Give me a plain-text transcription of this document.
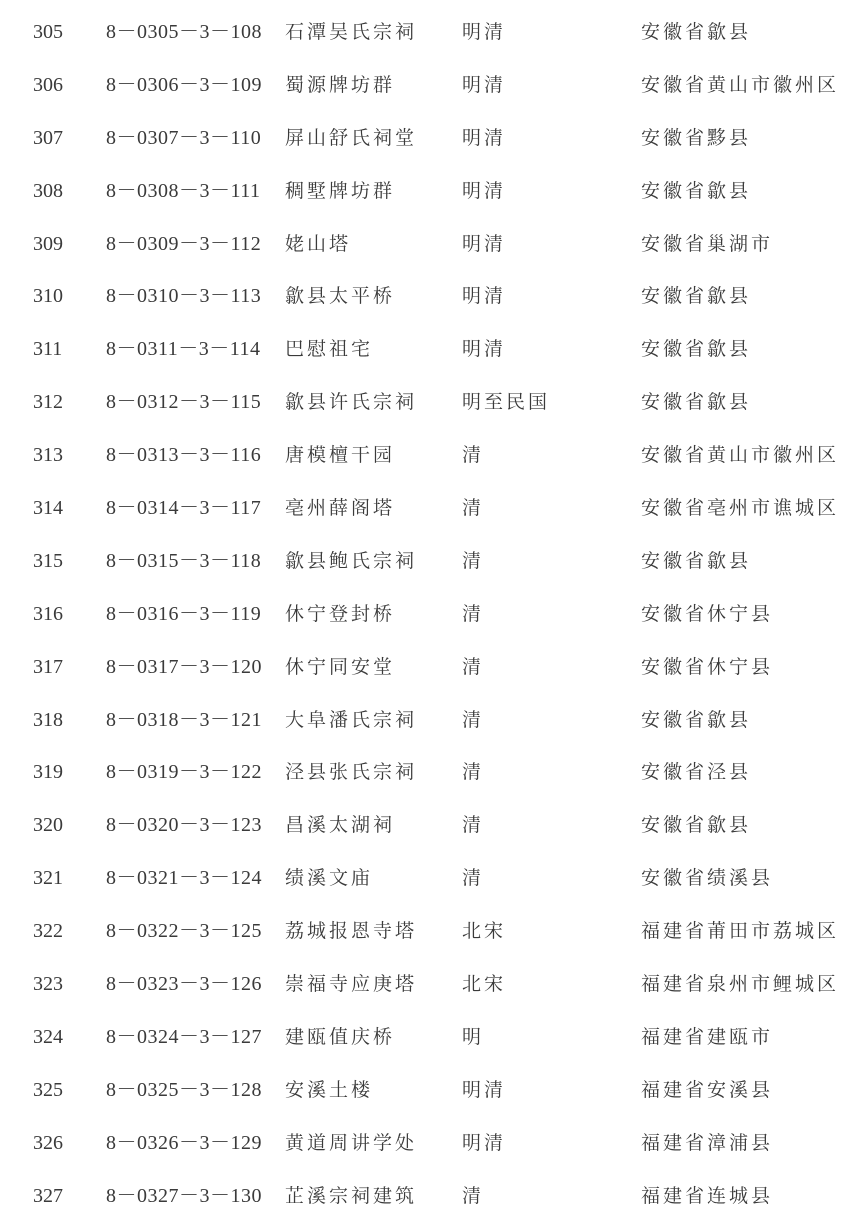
305 8－0305－3－108 石潭吴氏宗祠 明清	安徽省歙县
306 8－0306－3－109 蜀源牌坊群	明清	安徽省黄山市徽州区
307 8－0307－3－110 屏山舒氏祠堂 明清	安徽省黟县
308 8－0308－3－111 稠墅牌坊群	明清	安徽省歙县
309 8－0309－3－112 姥山塔	明清	安徽省巢湖市
310 8－0310－3－113 歙县太平桥	明清	安徽省歙县
311 8－0311－3－114 巴慰祖宅	明清	安徽省歙县
312 8－0312－3－115 歙县许氏宗祠 明至民国	安徽省歙县
313 8－0313－3－116 唐模檀干园	清	安徽省黄山市徽州区
314 8－0314－3－117 亳州薛阁塔	清	安徽省亳州市谯城区
315 8－0315－3－118 歙县鲍氏宗祠 清	安徽省歙县
316 8－0316－3－119 休宁登封桥	清	安徽省休宁县
317 8－0317－3－120 休宁同安堂	清	安徽省休宁县
318 8－0318－3－121 大阜潘氏宗祠 清	安徽省歙县
319 8－0319－3－122 泾县张氏宗祠 清	安徽省泾县
320 8－0320－3－123 昌溪太湖祠	清	安徽省歙县
321 8－0321－3－124 绩溪文庙	清	安徽省绩溪县
322 8－0322－3－125 荔城报恩寺塔 北宋	福建省莆田市荔城区
323 8－0323－3－126 崇福寺应庚塔 北宋	福建省泉州市鲤城区
324 8－0324－3－127 建瓯值庆桥	明	福建省建瓯市
325 8－0325－3－128 安溪土楼	明清	福建省安溪县
326 8－0326－3－129 黄道周讲学处 明清	福建省漳浦县
327 8－0327－3－130 芷溪宗祠建筑 清	福建省连城县
